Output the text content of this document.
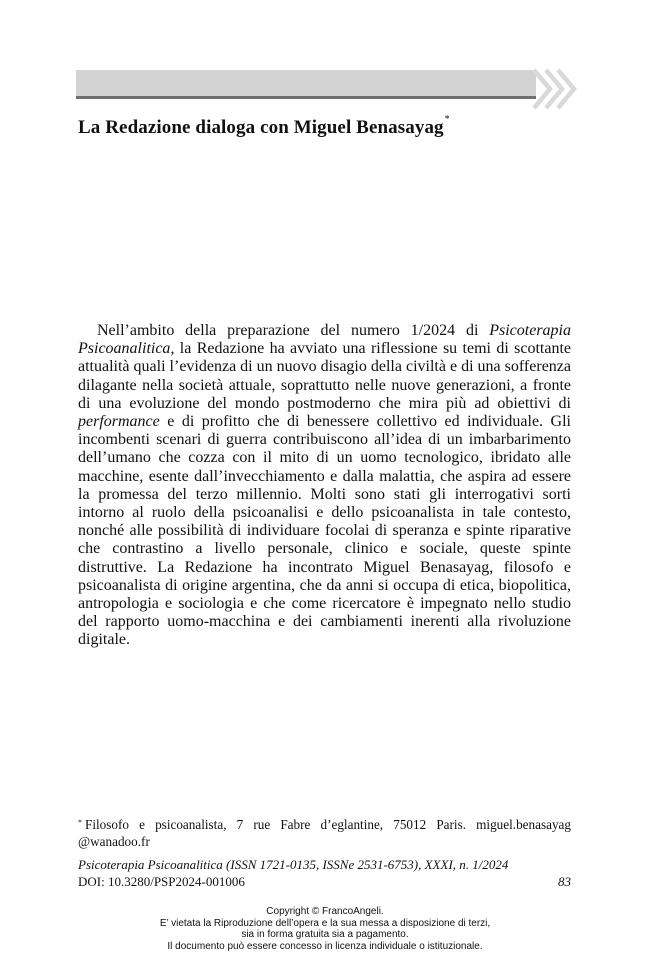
La Redazione dialoga con Miguel Benasayag*

Nell’ambito della preparazione del numero 1/2024 di Psicoterapia Psicoanalitica, la Redazione ha avviato una riflessione su temi di scottante attualità quali l’evidenza di un nuovo disagio della civiltà e di una sofferenza dilagante nella società attuale, soprattutto nelle nuove generazioni, a fronte di una evoluzione del mondo postmoderno che mira più ad obiettivi di performance e di profitto che di benessere collettivo ed individuale. Gli incombenti scenari di guerra contribuiscono all’idea di un imbarbarimento dell’umano che cozza con il mito di un uomo tecnologico, ibridato alle macchine, esente dall’invecchiamento e dalla malattia, che aspira ad essere la promessa del terzo millennio. Molti sono stati gli interrogativi sorti intorno al ruolo della psicoanalisi e dello psicoanalista in tale contesto, nonché alle possibilità di individuare focolai di speranza e spinte riparative che contrastino a livello personale, clinico e sociale, queste spinte distruttive. La Redazione ha incontrato Miguel Benasayag, filosofo e psicoanalista di origine argentina, che da anni si occupa di etica, biopolitica, antropologia e sociologia e che come ricercatore è impegnato nello studio del rapporto uomo-macchina e dei cambiamenti inerenti alla rivoluzione digitale.

* Filosofo e psicoanalista, 7 rue Fabre d’eglantine, 75012 Paris. miguel.benasayag @wanadoo.fr

Psicoterapia Psicoanalitica (ISSN 1721-0135, ISSNe 2531-6753), XXXI, n. 1/2024

DOI: 10.3280/PSP2024-001006	83

Copyright © FrancoAngeli.
E’ vietata la Riproduzione dell’opera e la sua messa a disposizione di terzi,
sia in forma gratuita sia a pagamento.
Il documento può essere concesso in licenza individuale o istituzionale.
